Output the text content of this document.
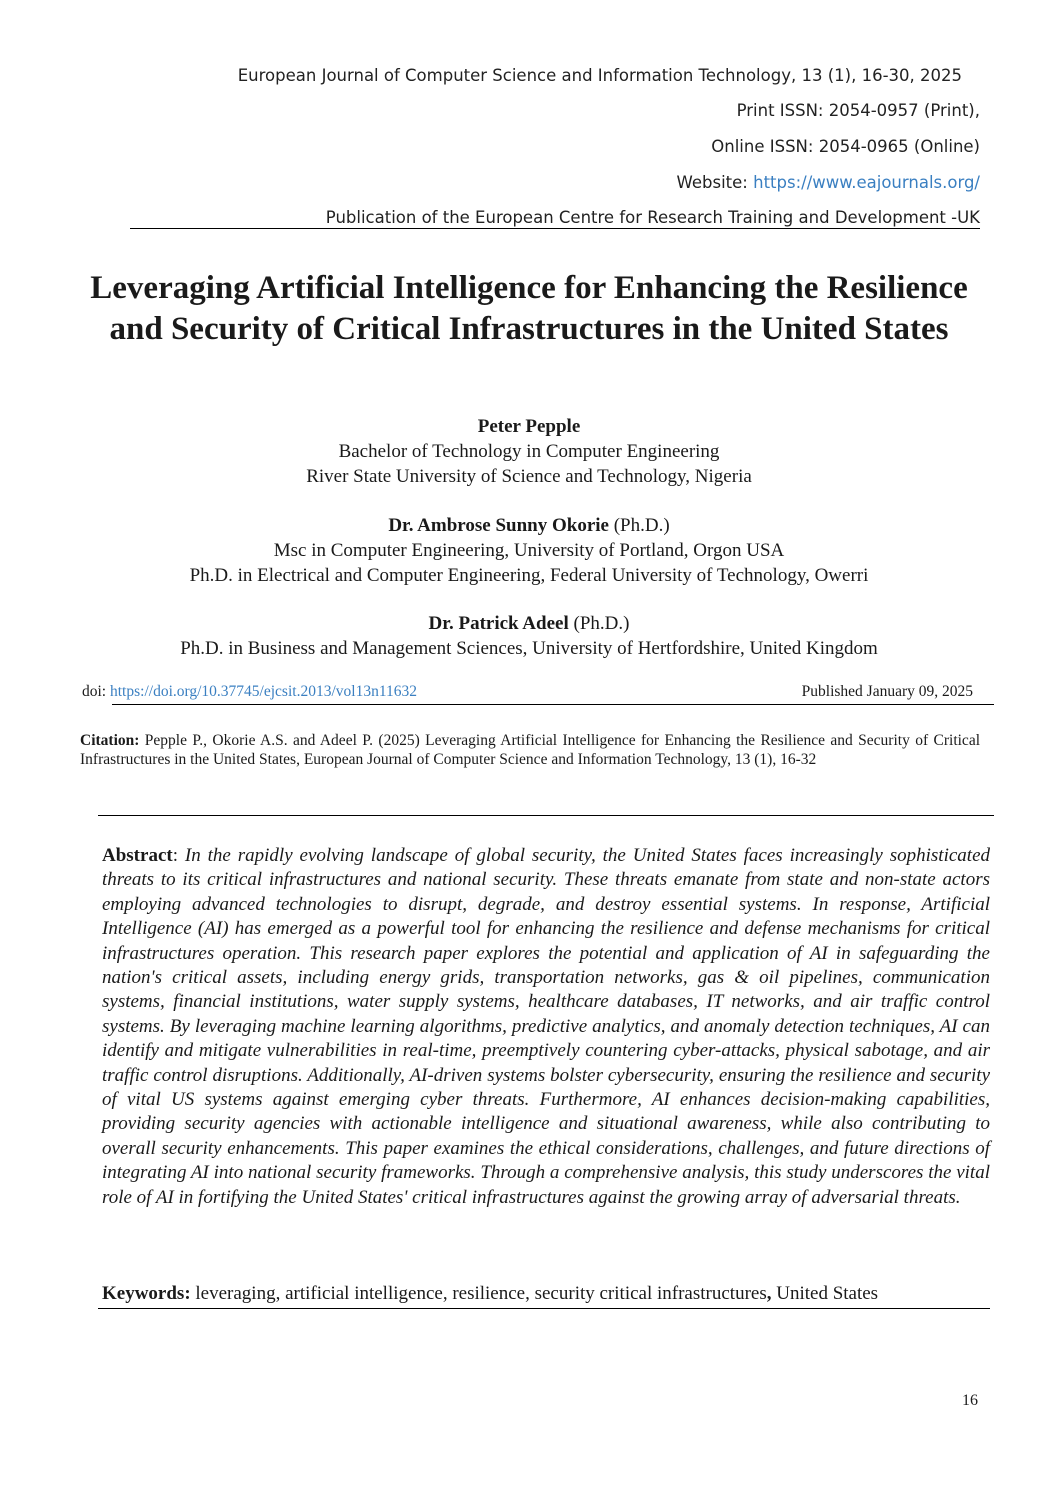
European Journal of Computer Science and Information Technology, 13 (1), 16-30, 2025
Print ISSN: 2054-0957 (Print),
Online ISSN: 2054-0965 (Online)
Website: https://www.eajournals.org/
Publication of the European Centre for Research Training and Development -UK
Leveraging Artificial Intelligence for Enhancing the Resilience and Security of Critical Infrastructures in the United States
Peter Pepple
Bachelor of Technology in Computer Engineering
River State University of Science and Technology, Nigeria
Dr. Ambrose Sunny Okorie (Ph.D.)
Msc in Computer Engineering, University of Portland, Orgon USA
Ph.D. in Electrical and Computer Engineering, Federal University of Technology, Owerri
Dr. Patrick Adeel (Ph.D.)
Ph.D. in Business and Management Sciences, University of Hertfordshire, United Kingdom
doi: https://doi.org/10.37745/ejcsit.2013/vol13n11632	Published January 09, 2025
Citation: Pepple P., Okorie A.S. and Adeel P. (2025) Leveraging Artificial Intelligence for Enhancing the Resilience and Security of Critical Infrastructures in the United States, European Journal of Computer Science and Information Technology, 13 (1), 16-32
Abstract: In the rapidly evolving landscape of global security, the United States faces increasingly sophisticated threats to its critical infrastructures and national security. These threats emanate from state and non-state actors employing advanced technologies to disrupt, degrade, and destroy essential systems. In response, Artificial Intelligence (AI) has emerged as a powerful tool for enhancing the resilience and defense mechanisms for critical infrastructures operation. This research paper explores the potential and application of AI in safeguarding the nation's critical assets, including energy grids, transportation networks, gas & oil pipelines, communication systems, financial institutions, water supply systems, healthcare databases, IT networks, and air traffic control systems. By leveraging machine learning algorithms, predictive analytics, and anomaly detection techniques, AI can identify and mitigate vulnerabilities in real-time, preemptively countering cyber-attacks, physical sabotage, and air traffic control disruptions. Additionally, AI-driven systems bolster cybersecurity, ensuring the resilience and security of vital US systems against emerging cyber threats. Furthermore, AI enhances decision-making capabilities, providing security agencies with actionable intelligence and situational awareness, while also contributing to overall security enhancements. This paper examines the ethical considerations, challenges, and future directions of integrating AI into national security frameworks. Through a comprehensive analysis, this study underscores the vital role of AI in fortifying the United States' critical infrastructures against the growing array of adversarial threats.
Keywords: leveraging, artificial intelligence, resilience, security critical infrastructures, United States
16
